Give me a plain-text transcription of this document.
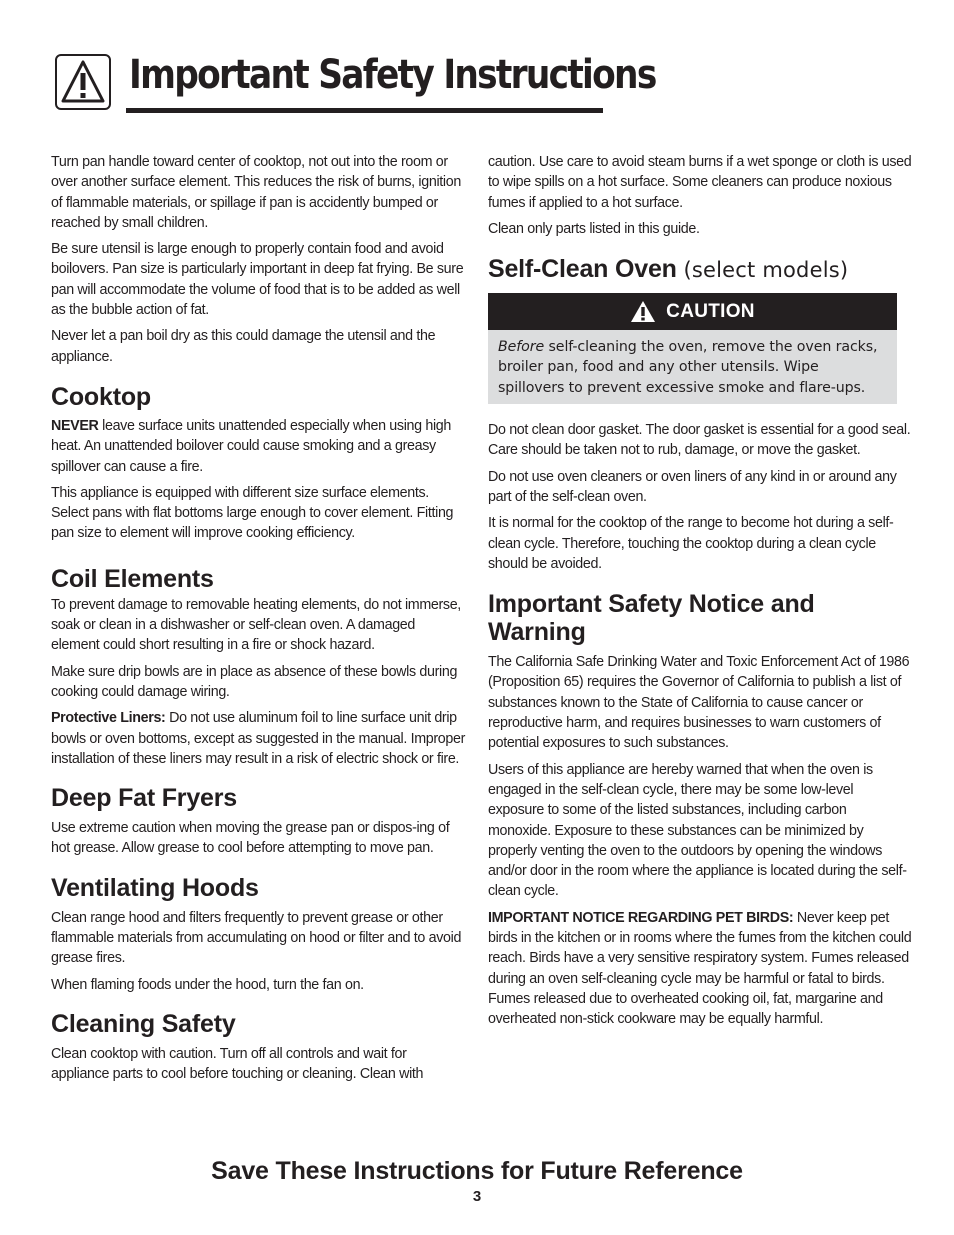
Important Safety Instructions

Turn pan handle toward center of cooktop, not out into the room or over another surface element. This reduces the risk of burns, ignition of flammable materials, or spillage if pan is accidently bumped or reached by small children.

Be sure utensil is large enough to properly contain food and avoid boilovers. Pan size is particularly important in deep fat frying. Be sure pan will accommodate the volume of food that is to be added as well as the bubble action of fat.

Never let a pan boil dry as this could damage the utensil and the appliance.

Cooktop

NEVER leave surface units unattended especially when using high heat. An unattended boilover could cause smoking and a greasy spillover can cause a fire.

This appliance is equipped with different size surface elements. Select pans with flat bottoms large enough to cover element. Fitting pan size to element will improve cooking efficiency.

Coil Elements

To prevent damage to removable heating elements, do not immerse, soak or clean in a dishwasher or self-clean oven. A damaged element could short resulting in a fire or shock hazard.

Make sure drip bowls are in place as absence of these bowls during cooking could damage wiring.

Protective Liners: Do not use aluminum foil to line surface unit drip bowls or oven bottoms, except as suggested in the manual. Improper installation of these liners may result in a risk of electric shock or fire.

Deep Fat Fryers

Use extreme caution when moving the grease pan or dispos-ing of hot grease. Allow grease to cool before attempting to move pan.

Ventilating Hoods

Clean range hood and filters frequently to prevent grease or other flammable materials from accumulating on hood or filter and to avoid grease fires.

When flaming foods under the hood, turn the fan on.

Cleaning Safety

Clean cooktop with caution. Turn off all controls and wait for appliance parts to cool before touching or cleaning. Clean with

caution. Use care to avoid steam burns if a wet sponge or cloth is used to wipe spills on a hot surface. Some cleaners can produce noxious fumes if applied to a hot surface.

Clean only parts listed in this guide.

Self-Clean Oven (select models)
CAUTION
Before self-cleaning the oven, remove the oven racks, broiler pan, food and any other utensils. Wipe spillovers to prevent excessive smoke and flare-ups.

Do not clean door gasket. The door gasket is essential for a good seal. Care should be taken not to rub, damage, or move the gasket.

Do not use oven cleaners or oven liners of any kind in or around any part of the self-clean oven.

It is normal for the cooktop of the range to become hot during a self-clean cycle. Therefore, touching the cooktop during a clean cycle should be avoided.

Important Safety Notice and Warning

The California Safe Drinking Water and Toxic Enforcement Act of 1986 (Proposition 65) requires the Governor of California to publish a list of substances known to the State of California to cause cancer or reproductive harm, and requires businesses to warn customers of potential exposures to such substances.

Users of this appliance are hereby warned that when the oven is engaged in the self-clean cycle, there may be some low-level exposure to some of the listed substances, including carbon monoxide. Exposure to these substances can be minimized by properly venting the oven to the outdoors by opening the windows and/or door in the room where the appliance is located during the self-clean cycle.

IMPORTANT NOTICE REGARDING PET BIRDS: Never keep pet birds in the kitchen or in rooms where the fumes from the kitchen could reach. Birds have a very sensitive respiratory system. Fumes released during an oven self-cleaning cycle may be harmful or fatal to birds. Fumes released due to overheated cooking oil, fat, margarine and overheated non-stick cookware may be equally harmful.

Save These Instructions for Future Reference
3
